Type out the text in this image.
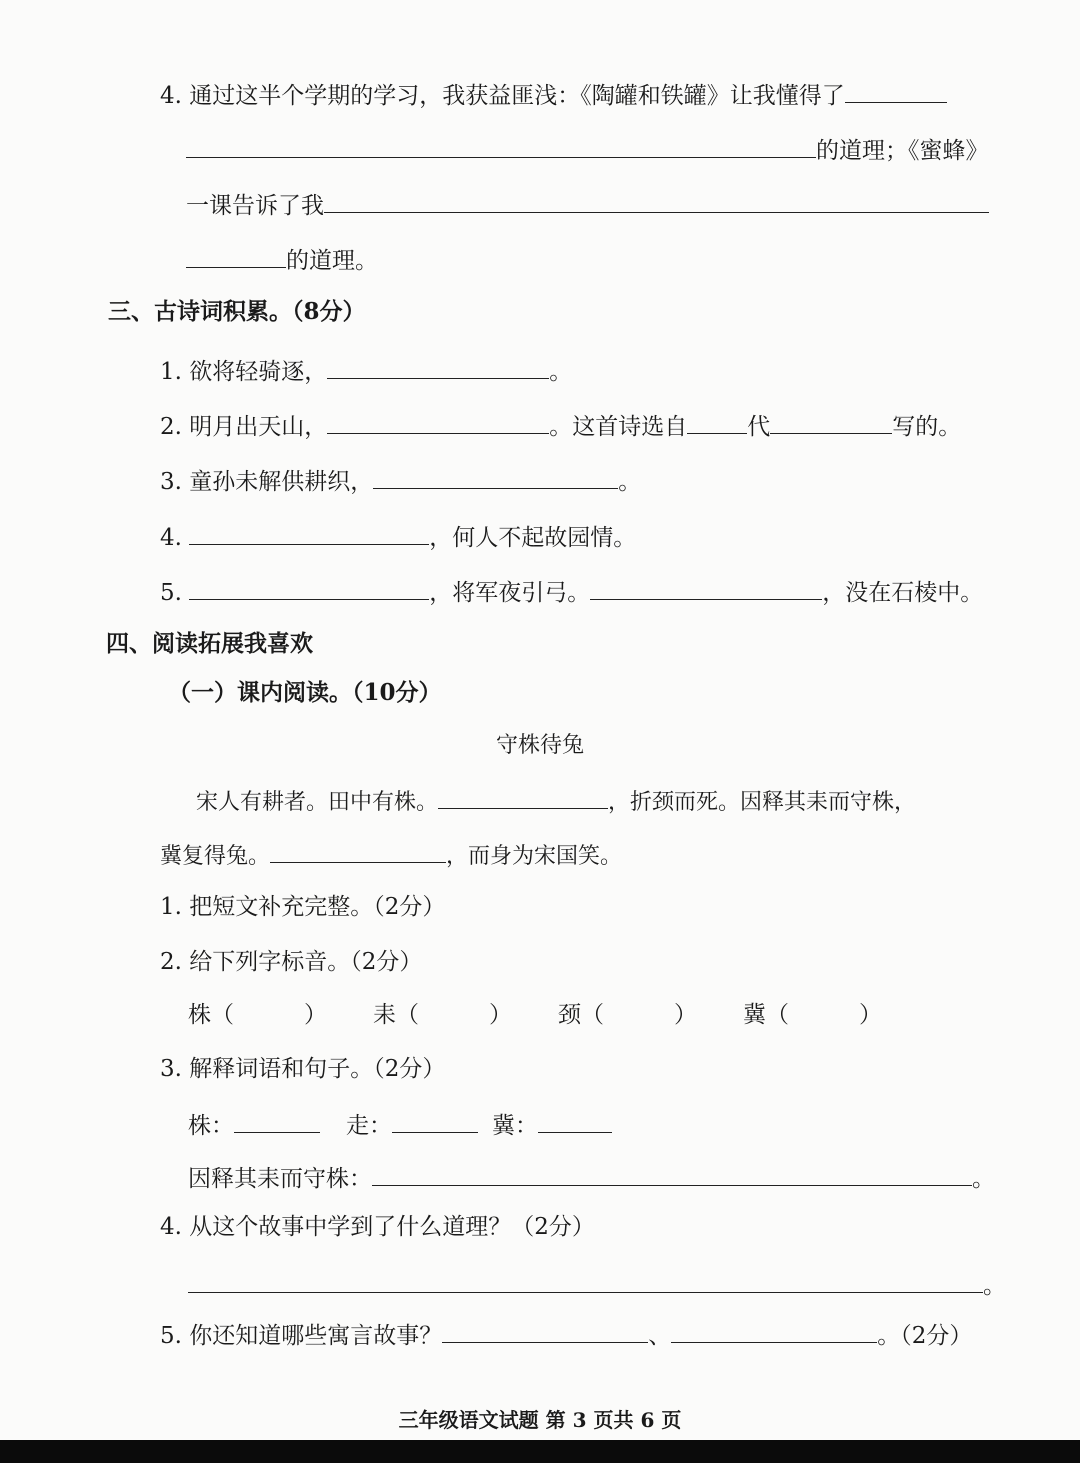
4. 通过这半个学期的学习，我获益匪浅：《陶罐和铁罐》让我懂得了
的道理；《蜜蜂》
一课告诉了我
的道理。
三、古诗词积累。（8分）
1. 欲将轻骑逐，	。
2. 明月出天山，	。这首诗选自	代	写的。
3. 童孙未解供耕织，	。
4.	，何人不起故园情。
5.	，将军夜引弓。	，没在石棱中。
四、阅读拓展我喜欢
（一）课内阅读。（10分）
守株待兔
宋人有耕者。田中有株。	，折颈而死。因释其耒而守株，
冀复得兔。	，而身为宋国笑。
1. 把短文补充完整。（2分）
2. 给下列字标音。（2分）
株（	） 耒（	） 颈（	） 冀（	）
3. 解释词语和句子。（2分）
株：	走：	冀：
因释其耒而守株：	。
4. 从这个故事中学到了什么道理？（2分）
。
5. 你还知道哪些寓言故事？	、	。（2分）
三年级语文试题 第 3 页共 6 页
